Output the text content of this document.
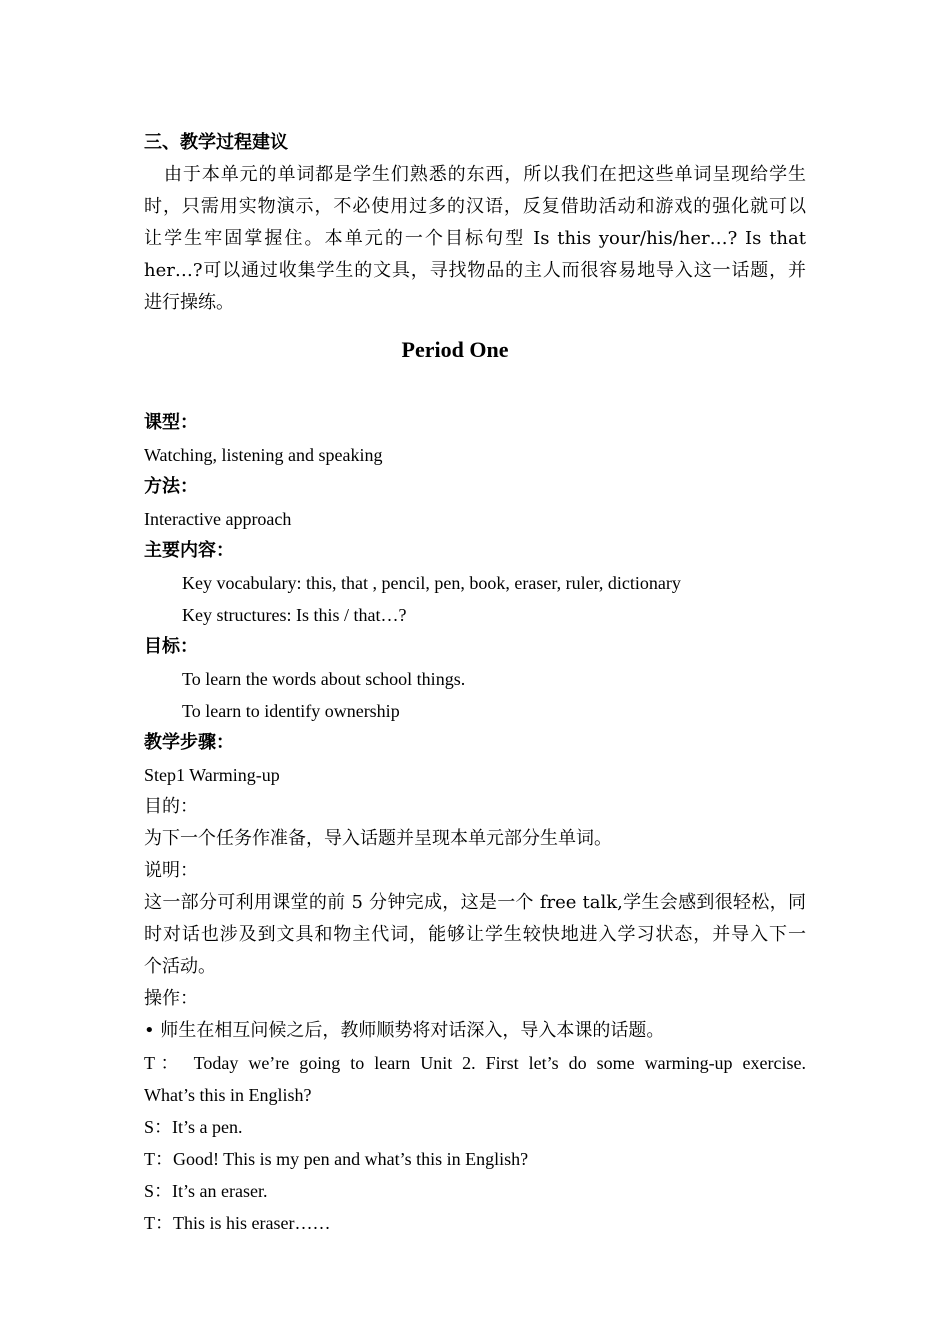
三、教学过程建议
由于本单元的单词都是学生们熟悉的东西，所以我们在把这些单词呈现给学生
时，只需用实物演示，不必使用过多的汉语，反复借助活动和游戏的强化就可以
让学生牢固掌握住。本单元的一个目标句型 Is this your/his/her…? Is that
her…?可以通过收集学生的文具，寻找物品的主人而很容易地导入这一话题，并
进行操练。
Period One
课型：
Watching, listening and speaking
方法：
Interactive approach
主要内容：
Key vocabulary: this, that , pencil, pen, book, eraser, ruler, dictionary
Key structures: Is this / that…?
目标：
To learn the words about school things.
To learn to identify ownership
教学步骤：
Step1 Warming-up
目的：
为下一个任务作准备，导入话题并呈现本单元部分生单词。
说明：
这一部分可利用课堂的前 5 分钟完成，这是一个 free talk,学生会感到很轻松，同
时对话也涉及到文具和物主代词，能够让学生较快地进入学习状态，并导入下一
个活动。
操作：
• 师生在相互问候之后，教师顺势将对话深入，导入本课的话题。
T： Today we’re going to learn Unit 2. First let’s do some warming-up exercise.
What’s this in English?
S：It’s a pen.
T：Good! This is my pen and what’s this in English?
S：It’s an eraser.
T：This is his eraser……
